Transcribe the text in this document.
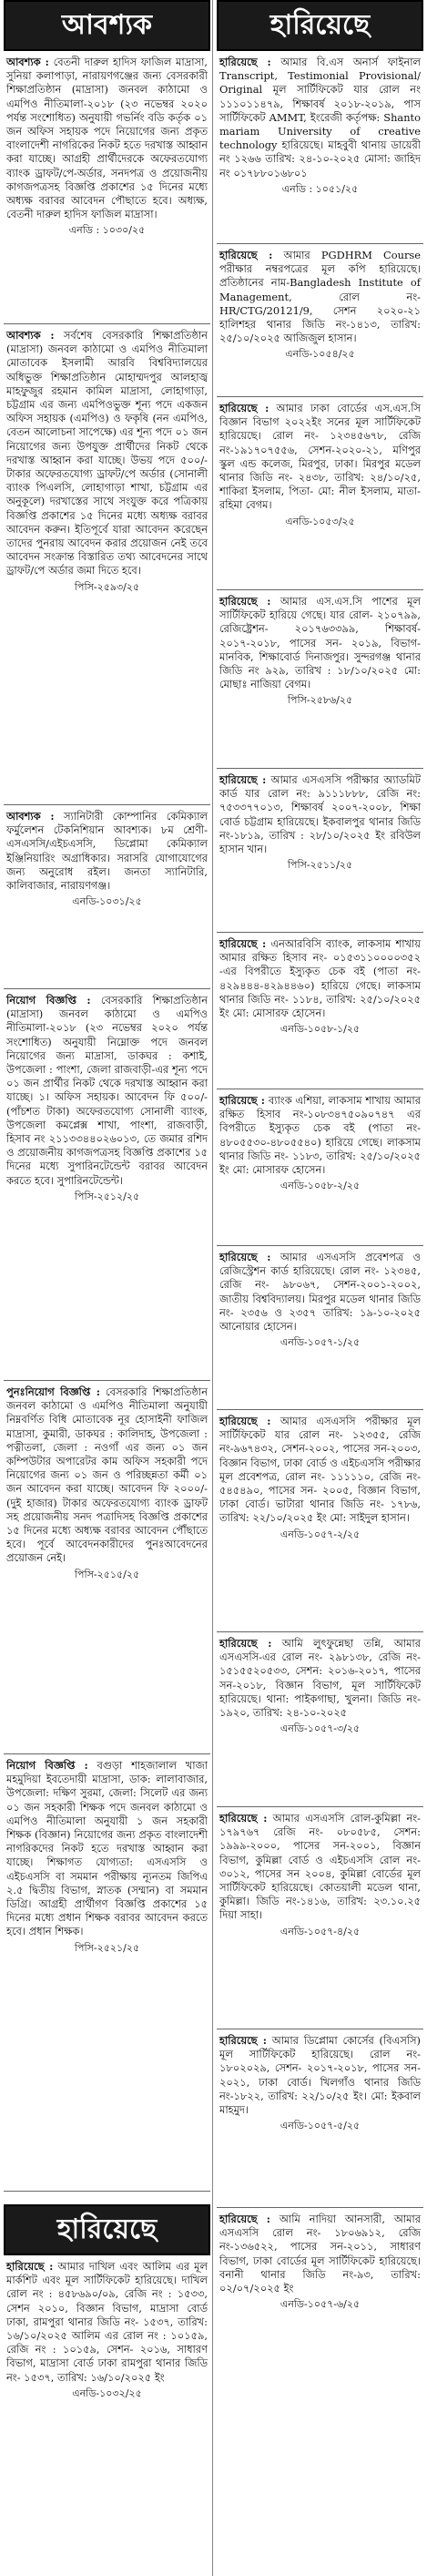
আবশ্যক
আবশ্যক : বেতনী দারুল হাদিস ফাজিল মাদ্রাসা, সুনিয়া কলাপাড়া, নারায়ণগঞ্জের জন্য বেসরকারী শিক্ষাপ্রতিষ্ঠান (মাদ্রাসা) জনবল কাঠামো ও এমপিও নীতিমালা-২০১৮ (২৩ নভেম্বর ২০২০ পর্যন্ত সংশোধিত) অনুযায়ী গভর্নিং বডি কর্তৃক ০১ জন অফিস সহায়ক পদে নিয়োগের জন্য প্রকৃত বাংলাদেশী নাগরিকের নিকট হতে দরখাস্ত আহ্বান করা যাচ্ছে। আগ্রহী প্রার্থীদেরকে অফেরতযোগ্য ব্যাংক ড্রাফট/পে-অর্ডার, সনদপত্র ও প্রয়োজনীয় কাগজপত্রসহ বিজ্ঞপ্তি প্রকাশের ১৫ দিনের মধ্যে অধ্যক্ষ বরাবর আবেদন পৌছাতে হবে। অধ্যক্ষ, বেতনী দারুল হাদিস ফাজিল মাদ্রাসা।
এনডি : ১০৩০/২৫
আবশ্যক : সর্বশেষ বেসরকারি শিক্ষাপ্রতিষ্ঠান (মাদ্রাসা) জনবল কাঠামো ও এমপিও নীতিমালা মোতাবেক ইসলামী আরবি বিশ্ববিদ্যালয়ের অধিভুক্ত শিক্ষাপ্রতিষ্ঠান মোহাম্মদপুর আলহাজ্ব মাহফুজুর রহমান কামিল মাদ্রাসা, লোহাগাড়া, চট্টগ্রাম এর জন্য এমপিওভুক্ত শূন্য পদে একজন অফিস সহায়ক (এমপিও) ও ফকৃষি (নন এমপিও, বেতন আলোচনা সাপেক্ষে) এর শূন্য পদে ০১ জন নিয়োগের জন্য উপযুক্ত প্রার্থীদের নিকট থেকে দরখাস্ত আহ্বান করা যাচ্ছে। উভয় পদে ৫০০/- টাকার অফেরতযোগ্য ড্রাফট/পে অর্ডার (সোনালী ব্যাংক পিএলসি, লোহাগাড়া শাখা, চট্টগ্রাম এর অনুকূলে) দরখাস্তের সাথে সংযুক্ত করে পত্রিকায় বিজ্ঞপ্তি প্রকাশের ১৫ দিনের মধ্যে অধ্যক্ষ বরাবর আবেদন করুন। ইতিপূর্বে যারা আবেদন করেছেন তাদের পুনরায় আবেদন করার প্রয়োজন নেই তবে আবেদন সংক্রান্ত বিস্তারিত তথ্য আবেদনের সাথে ড্রাফট/পে অর্ডার জমা দিতে হবে।
পিসি-২৫৯৩/২৫
আবশ্যক : স্যানিটারী কোম্পানির কেমিক্যাল ফর্মুলেশন টেকনিশিয়ান আবশ্যক। ৮ম শ্রেণী-এসএসসি/এইচএসসি, ডিপ্লোমা কেমিক্যাল ইঞ্জিনিয়ারিং অগ্রাধিকার। সরাসরি যোগাযোগের জন্য অনুরোধ রইল। জনতা স্যানিটারি, কালিবাজার, নারায়ণগঞ্জ।
এনডি-১০৩১/২৫
নিয়োগ বিজ্ঞপ্তি : বেসরকারি শিক্ষাপ্রতিষ্ঠান (মাদ্রাসা) জনবল কাঠামো ও এমপিও নীতিমালা-২০১৮ (২৩ নভেম্বর ২০২০ পর্যন্ত সংশোধিত) অনুযায়ী নিম্নোক্ত পদে জনবল নিয়োগের জন্য মাদ্রাসা, ডাকঘর : কশাই, উপজেলা : পাংশা, জেলা রাজবাড়ী-এর শূন্য পদে ০১ জন প্রার্থীর নিকট থেকে দরখাস্ত আহ্বান করা যাচ্ছে। ১। অফিস সহায়ক। আবেদন ফি ৫০০/- (পাঁচশত টাকা) অফেরতযোগ্য সোনালী ব্যাংক, উপজেলা কমপ্লেক্স শাখা, পাংশা, রাজবাড়ী, হিসাব নং ২১১৩৩৪৪০২৬০১৩, তে জমার রশিদ ও প্রয়োজনীয় কাগজপত্রসহ বিজ্ঞপ্তি প্রকাশের ১৫ দিনের মধ্যে সুপারিনটেন্ডেন্ট বরাবর আবেদন করতে হবে। সুপারিনটেন্ডেন্ট।
পিসি-২৫১২/২৫
পুনঃনিয়োগ বিজ্ঞপ্তি : বেসরকারি শিক্ষাপ্রতিষ্ঠান জনবল কাঠামো ও এমপিও নীতিমালা অনুযায়ী নিম্নবর্ণিত বিধি মোতাবেক নূর হোসাইনী ফাজিল মাদ্রাসা, কুমারী, ডাকঘর : কালিদাহ, উপজেলা : পত্নীতলা, জেলা : নওগাঁ এর জন্য ০১ জন কম্পিউটার অপারেটর কাম অফিস সহকারী পদে নিয়োগের জন্য ০১ জন ও পরিচ্ছন্নতা কর্মী ০১ জন আবেদন করা যাচ্ছে। আবেদন ফি ২০০০/- (দুই হাজার) টাকার অফেরতযোগ্য ব্যাংক ড্রাফট সহ প্রয়োজনীয় সনদ পত্রাদিসহ বিজ্ঞপ্তি প্রকাশের ১৫ দিনের মধ্যে অধ্যক্ষ বরাবর আবেদন পৌঁছাতে হবে। পূর্বে আবেদনকারীদের পুনঃআবেদনের প্রয়োজন নেই।
পিসি-২৫১৫/২৫
নিয়োগ বিজ্ঞপ্তি : বগুড়া শাহজালাল খাজা মহমুদিয়া ইবতেদায়ী মাদ্রাসা, ডাক: লালাবাজার, উপজেলা: দক্ষিণ সুরমা, জেলা: সিলেট এর জন্য ০১ জন সহকারী শিক্ষক পদে জনবল কাঠামো ও এমপিও নীতিমালা অনুযায়ী ১ জন সহকারী শিক্ষক (বিজ্ঞান) নিয়োগের জন্য প্রকৃত বাংলাদেশী নাগরিকদের নিকট হতে দরখাস্ত আহ্বান করা যাচ্ছে। শিক্ষাগত যোগ্যতা: এসএসসি ও এইচএসসি বা সমমান পরীক্ষায় ন্যূনতম জিপিএ ২.৫ দ্বিতীয় বিভাগ, স্নাতক (সম্মান) বা সমমান ডিগ্রি। আগ্রহী প্রার্থীগণ বিজ্ঞপ্তি প্রকাশের ১৫ দিনের মধ্যে প্রধান শিক্ষক বরাবর আবেদন করতে হবে। প্রধান শিক্ষক।
পিসি-২৫২১/২৫
হারিয়েছে
হারিয়েছে : আমার দাখিল এবং আলিম এর মূল মার্কশিট এবং মূল সার্টিফিকেট হারিয়েছে। দাখিল রোল নং : ৪৫৮৬৯০/০৯, রেজি নং : ১৫৩৩, সেশন ২০১০, বিজ্ঞান বিভাগ, মাদ্রাসা বোর্ড ঢাকা, রামপুরা থানার জিডি নং- ১৫৩৭, তারিখ: ১৬/১০/২০২৫ আলিম এর রোল নং : ১০১৫৯, রেজি নং : ১০১৫৯, সেশন- ২০১৬, সাধারণ বিভাগ, মাদ্রাসা বোর্ড ঢাকা রামপুরা থানার জিডি নং- ১৫৩৭, তারিখ: ১৬/১০/২০২৫ ইং
এনডি-১০৩২/২৫
হারিয়েছে
হারিয়েছে : আমার বি.এস অনার্স ফাইনাল Transcript, Testimonial Provisional/ Original মূল সার্টিফিকেট যার রোল নং ১১১০১১৪৭৯, শিক্ষাবর্ষ ২০১৮-২০১৯, পাস সার্টিফিকেট AMMT, ইংরেজী কর্তৃপক্ষ: Shanto mariam University of creative technology হারিয়েছে। মাহবুবী থানায় ডায়েরী নং ১২৬৬ তারিখ: ২৪-১০-২০২৫ মোসা: জাহিদ নং ০১৭৮৮০১৬৮০১
এনডি : ১০৫১/২৫
হারিয়েছে : আমার PGDHRM Course পরীক্ষার নম্বরপত্রের মূল কপি হারিয়েছে। প্রতিষ্ঠানের নাম-Bangladesh Institute of Management, রোল নং-HR/CTG/20121/9, সেশন ২০২০-২১ হালিশহর থানার জিডি নং-১৪১৩, তারিখ: ২৫/১০/২০২৫ আজিজুল হাসান।
এনডি-১০৫৪/২৫
হারিয়েছে : আমার ঢাকা বোর্ডের এস.এস.সি বিজ্ঞান বিভাগ ২০২২ইং সনের মূল সার্টিফিকেট হারিয়েছে। রোল নং- ১২৩৪৫৬৭৮, রেজি নং-১৯১৭০৭৫৫৬, সেশন-২০২০-২১, মণিপুর স্কুল এন্ড কলেজ, মিরপুর, ঢাকা। মিরপুর মডেল থানার জিডি নং- ২৪৩৮, তারিখ: ২৪/১০/২৫, শাকিরা ইসলাম, পিতা- মো: নীল ইসলাম, মাতা- রহিমা বেগম।
এনডি-১০৫৩/২৫
হারিয়েছে : আমার এস.এস.সি পাশের মূল সার্টিফিকেট হারিয়ে গেছে। যার রোল- ২১০৭৯৯, রেজিষ্ট্রেশন- ২০১৭৬৩৩৯৯, শিক্ষাবর্ষ- ২০১৭-২০১৮, পাসের সন- ২০১৯, বিভাগ- মানবিক, শিক্ষাবোর্ড দিনাজপুর। সুন্দরগঞ্জ থানার জিডি নং ৯২৯, তারিখ : ১৮/১০/২০২৫ মো: মোছাঃ নাজিয়া বেগম।
পিসি-২৫৮৬/২৫
হারিয়েছে : আমার এসএসসি পরীক্ষার অ্যাডমিট কার্ড যার রোল নং: ৯১১১৮৮৮, রেজি নং: ৭৫৩৩৭৭০১৩, শিক্ষাবর্ষ ২০০৭-২০০৮, শিক্ষা বোর্ড চট্টগ্রাম হারিয়েছে। ইকবালপুর থানার জিডি নং-১৮১৯, তারিখ : ২৮/১০/২০২৫ ইং রবিউল হাসান খান।
পিসি-২৫১১/২৫
হারিয়েছে : এনআরবিসি ব্যাংক, লাকসাম শাখায় আমার রক্ষিত হিসাব নং- ০১৫৩১১০০০০৩৫২ -এর বিপরীতে ইস্যুকৃত চেক বই (পাতা নং- ৪২৯৪৪৪-৪২৯৪৪৬০) হারিয়ে গেছে। লাকসাম থানার জিডি নং- ১১৮৪, তারিখ: ২৫/১০/২০২৫ ইং মো: মোসারফ হোসেন।
এনডি-১০৫৮-১/২৫
হারিয়েছে : ব্যাংক এশিয়া, লাকসাম শাখায় আমার রক্ষিত হিসাব নং-১০৮৩৪৭৫০৯০৭৪৭ এর বিপরীতে ইস্যুকৃত চেক বই (পাতা নং- ৪৮০৫৫৩০-৪৮০৫৫৪০) হারিয়ে গেছে। লাকসাম থানার জিডি নং- ১১৮৩, তারিখ: ২৫/১০/২০২৫ ইং মো: মোসারফ হোসেন।
এনডি-১০৫৮-২/২৫
হারিয়েছে : আমার এসএসসি প্রবেশপত্র ও রেজিস্ট্রেশন কার্ড হারিয়েছে। রোল নং- ১২৩৪৫, রেজি নং- ৯৮০৬৭, সেশন-২০০১-২০০২, জাতীয় বিশ্ববিদ্যালয়। মিরপুর মডেল থানার জিডি নং- ২৩৫৬ ও ২৩৫৭ তারিখ: ১৯-১০-২০২৫ আনোয়ার হোসেন।
এনডি-১০৫৭-১/২৫
হারিয়েছে : আমার এসএসসি পরীক্ষার মূল সার্টিফিকেট যার রোল নং- ১২৩৫৫, রেজি নং-৯৬৭৪৩২, সেশন-২০০২, পাসের সন-২০০৩, বিজ্ঞান বিভাগ, ঢাকা বোর্ড ও এইচএসসি পরীক্ষার মূল প্রবেশপত্র, রোল নং- ১১১১১০, রেজি নং- ৫৪৫৪৯০, পাসের সন- ২০০৫, বিজ্ঞান বিভাগ, ঢাকা বোর্ড। ভাটারা থানার জিডি নং- ১৭৮৬, তারিখ: ২২/১০/২০২৫ ইং মো: সাইদুল হাসান।
এনডি-১০৫৭-২/২৫
হারিয়েছে : আমি লুৎফুন্নেছা তন্নি, আমার এসএসসি-এর রোল নং- ২৯৮১৩৮, রেজি নং- ১৫১৫৫২০৫৩৩, সেশন: ২০১৬-২০১৭, পাসের সন-২০১৮, বিজ্ঞান বিভাগ, মূল সার্টিফিকেট হারিয়েছে। থানা: পাইকগাছা, খুলনা। জিডি নং- ১৯২০, তারিখ: ২৪-১০-২০২৫
এনডি-১০৫৭-৩/২৫
হারিয়েছে : আমার এসএসসি রোল-কুমিল্লা নং- ১৭৯৭৬৭ রেজি নং- ০৮০৫৮৫, সেশন: ১৯৯৯-২০০০, পাসের সন-২০০১, বিজ্ঞান বিভাগ, কুমিল্লা বোর্ড ও এইচএসসি রোল নং- ৩০১২, পাসের সন ২০০৪, কুমিল্লা বোর্ডের মূল সার্টিফিকেট হারিয়েছে। কোতয়ালী মডেল থানা, কুমিল্লা। জিডি নং-১৪১৬, তারিখ: ২৩.১০.২৫ দিয়া সাহা।
এনডি-১০৫৭-৪/২৫
হারিয়েছে : আমার ডিপ্লোমা কোর্সের (বিএসসি) মূল সার্টিফিকেট হারিয়েছে। রোল নং- ১৮০২০২৯, সেশন- ২০১৭-২০১৮, পাসের সন- ২০২১, ঢাকা বোর্ড। খিলগাঁও থানার জিডি নং-১৮২২, তারিখ: ২২/১০/২৫ ইং। মো: ইকবাল মাহমুদ।
এনডি-১০৫৭-৫/২৫
হারিয়েছে : আমি নাদিয়া আনসারী, আমার এসএসসি রোল নং- ১৮০৬৯১২, রেজি নং-১৩৬৫২২, পাসের সন-২০১১, সাধারণ বিভাগ, ঢাকা বোর্ডের মূল সার্টিফিকেট হারিয়েছে। বনানী থানার জিডি নং-৯৩, তারিখ: ০২/০৭/২০২৫ ইং
এনডি-১০৫৭-৬/২৫
